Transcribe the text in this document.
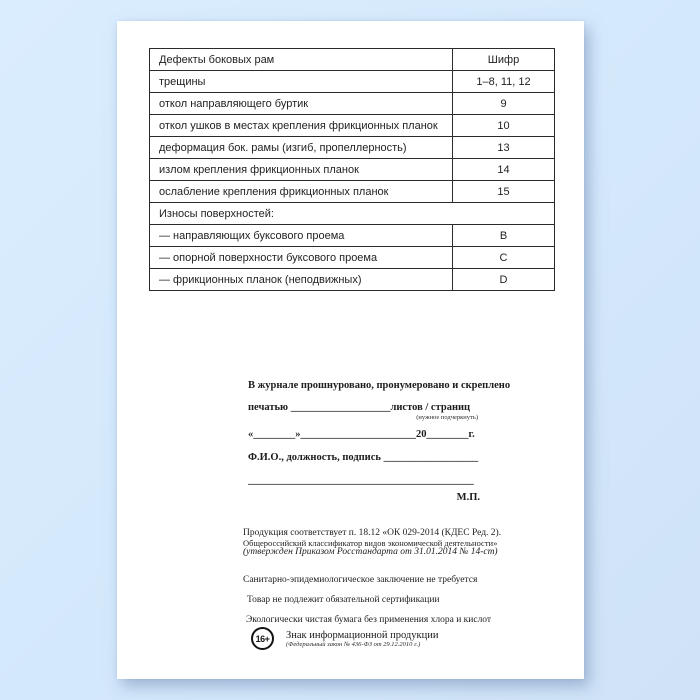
Дефекты боковых рам	Шифр
трещины	1–8, 11, 12
откол направляющего буртик	9
откол ушков в местах крепления фрикционных планок	10
деформация бок. рамы (изгиб, пропеллерность)	13
излом крепления фрикционных планок	14
ослабление крепления фрикционных планок	15
Износы поверхностей:	
— направляющих буксового проема	B
— опорной поверхности буксового проема	C
— фрикционных планок (неподвижных)	D
В журнале прошнуровано, пронумеровано и скреплено
печатью ___________________листов / страниц
(нужное подчеркнуть)
«________»______________________20________г.
Ф.И.О., должность, подпись __________________
___________________________________________
М.П.
Продукция соответствует п. 18.12 «ОК 029-2014 (КДЕС Ред. 2).
Общероссийский классификатор видов экономической деятельности»
(утвержден Приказом Росстандарта от 31.01.2014 № 14-ст)
Санитарно-эпидемиологическое заключение не требуется
Товар не подлежит обязательной сертификации
Экологически чистая бумага без применения хлора и кислот
16+	Знак информационной продукции
(Федеральный закон № 436-ФЗ от 29.12.2010 г.)
